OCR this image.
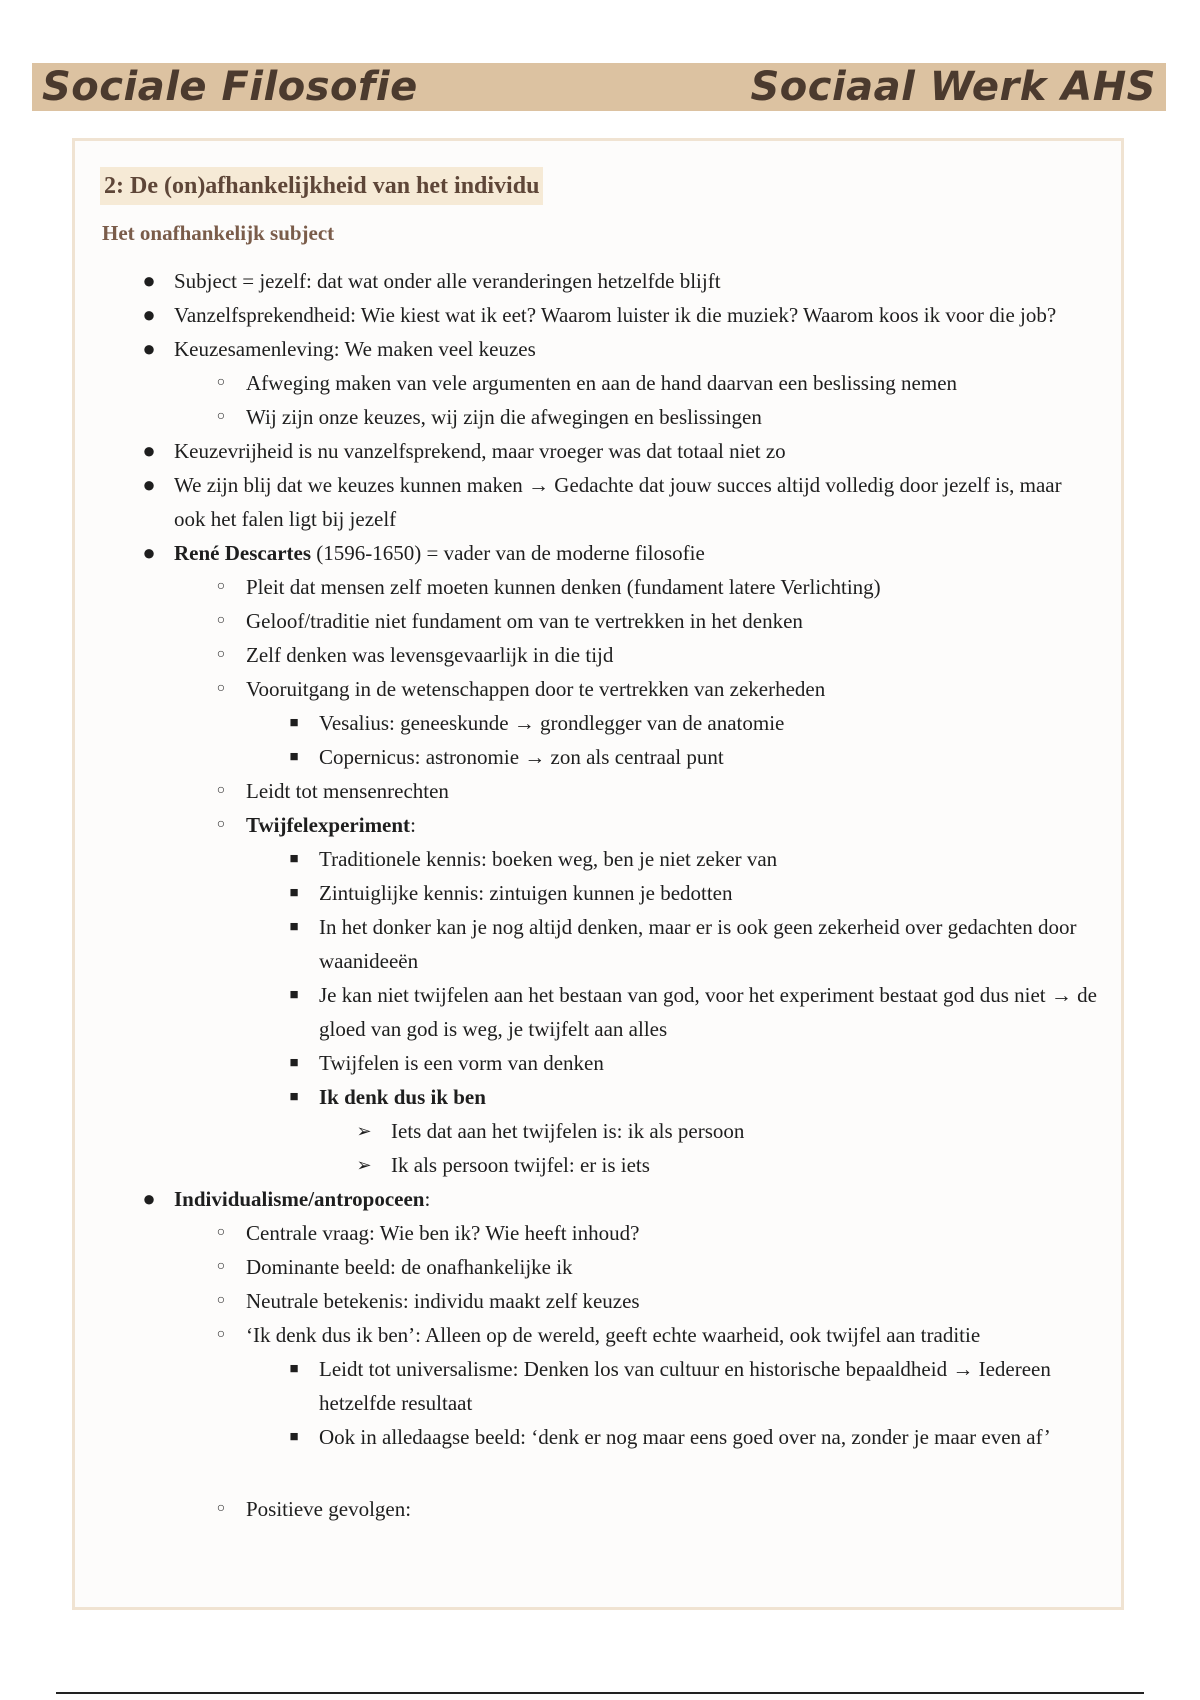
Sociale Filosofie	Sociaal Werk AHS
2: De (on)afhankelijkheid van het individu
Het onafhankelijk subject
● Subject = jezelf: dat wat onder alle veranderingen hetzelfde blijft
● Vanzelfsprekendheid: Wie kiest wat ik eet? Waarom luister ik die muziek? Waarom koos ik voor die job?
● Keuzesamenleving: We maken veel keuzes
○ Afweging maken van vele argumenten en aan de hand daarvan een beslissing nemen
○ Wij zijn onze keuzes, wij zijn die afwegingen en beslissingen
● Keuzevrijheid is nu vanzelfsprekend, maar vroeger was dat totaal niet zo
● We zijn blij dat we keuzes kunnen maken → Gedachte dat jouw succes altijd volledig door jezelf is, maar ook het falen ligt bij jezelf
● René Descartes (1596-1650) = vader van de moderne filosofie
○ Pleit dat mensen zelf moeten kunnen denken (fundament latere Verlichting)
○ Geloof/traditie niet fundament om van te vertrekken in het denken
○ Zelf denken was levensgevaarlijk in die tijd
○ Vooruitgang in de wetenschappen door te vertrekken van zekerheden
■ Vesalius: geneeskunde → grondlegger van de anatomie
■ Copernicus: astronomie → zon als centraal punt
○ Leidt tot mensenrechten
○ Twijfelexperiment:
■ Traditionele kennis: boeken weg, ben je niet zeker van
■ Zintuiglijke kennis: zintuigen kunnen je bedotten
■ In het donker kan je nog altijd denken, maar er is ook geen zekerheid over gedachten door waanideeën
■ Je kan niet twijfelen aan het bestaan van god, voor het experiment bestaat god dus niet → de gloed van god is weg, je twijfelt aan alles
■ Twijfelen is een vorm van denken
■ Ik denk dus ik ben
➢ Iets dat aan het twijfelen is: ik als persoon
➢ Ik als persoon twijfel: er is iets
● Individualisme/antropoceen:
○ Centrale vraag: Wie ben ik? Wie heeft inhoud?
○ Dominante beeld: de onafhankelijke ik
○ Neutrale betekenis: individu maakt zelf keuzes
○ ‘Ik denk dus ik ben’: Alleen op de wereld, geeft echte waarheid, ook twijfel aan traditie
■ Leidt tot universalisme: Denken los van cultuur en historische bepaaldheid → Iedereen hetzelfde resultaat
■ Ook in alledaagse beeld: ‘denk er nog maar eens goed over na, zonder je maar even af’
○ Positieve gevolgen:
